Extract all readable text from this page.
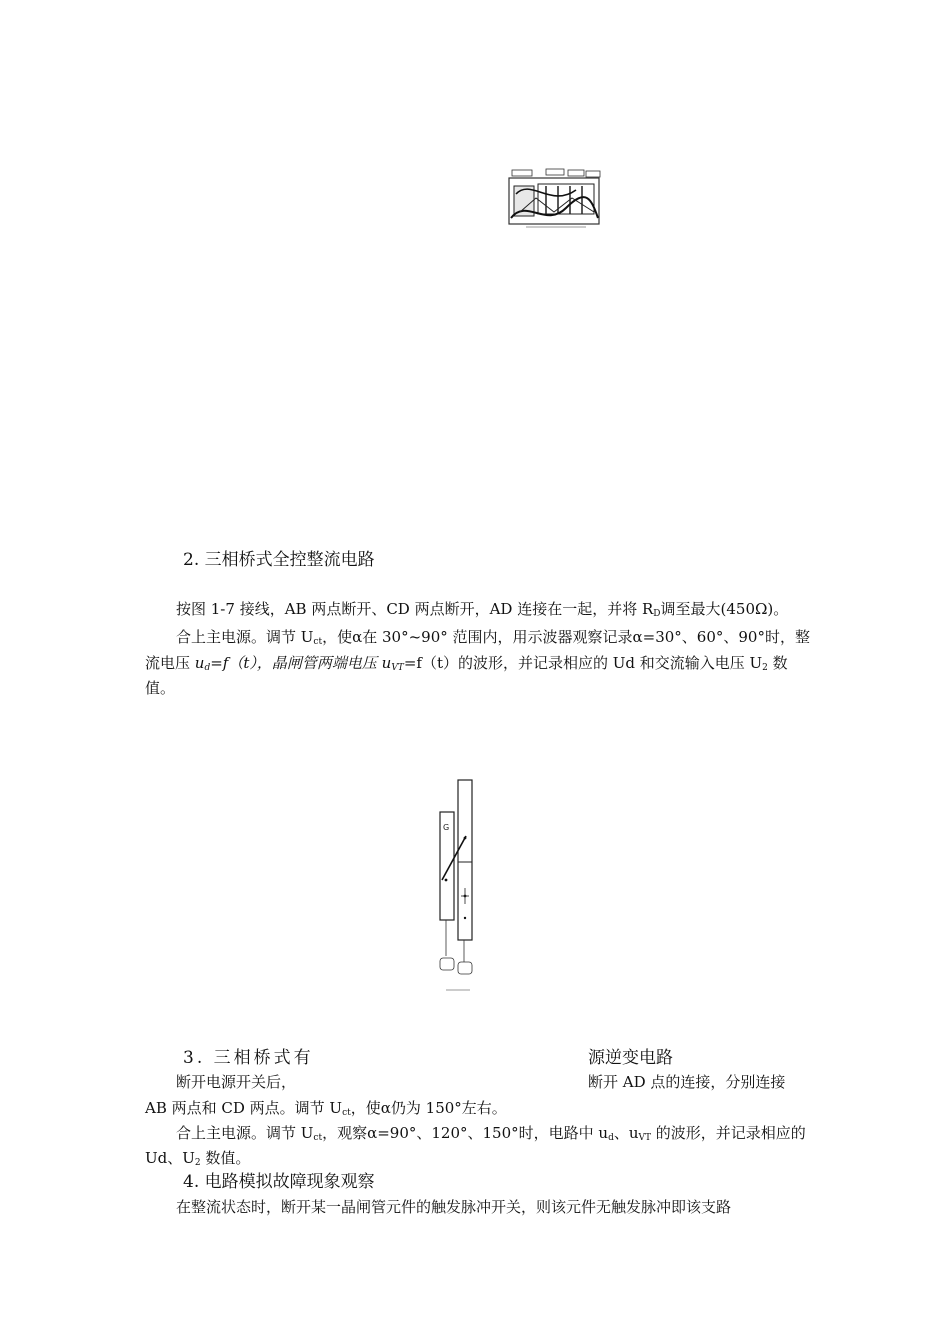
2. 三相桥式全控整流电路
按图 1-7 接线，AB 两点断开、CD 两点断开，AD 连接在一起，并将 $R_D$调至最大(450Ω)。
合上主电源。调节 $U_{ct}$，使α在 30°~90° 范围内，用示波器观察记录α=30°、60°、90°时，整
流电压 $u_d=f(t)$，晶闸管两端电压 $u_{VT}=f(t)$的波形，并记录相应的 Ud 和交流输入电压 $U_2$ 数
值。
G
3. 三相桥式有	源逆变电路
断开电源开关后，	断开 AD 点的连接，分别连接
AB 两点和 CD 两点。调节 $U_{ct}$，使α仍为 150°左右。
合上主电源。调节 $U_{ct}$，观察α=90°、120°、150°时，电路中 $u_d$、$u_{VT}$ 的波形，并记录相应的
Ud、$U_2$ 数值。
4. 电路模拟故障现象观察
在整流状态时，断开某一晶闸管元件的触发脉冲开关，则该元件无触发脉冲即该支路
